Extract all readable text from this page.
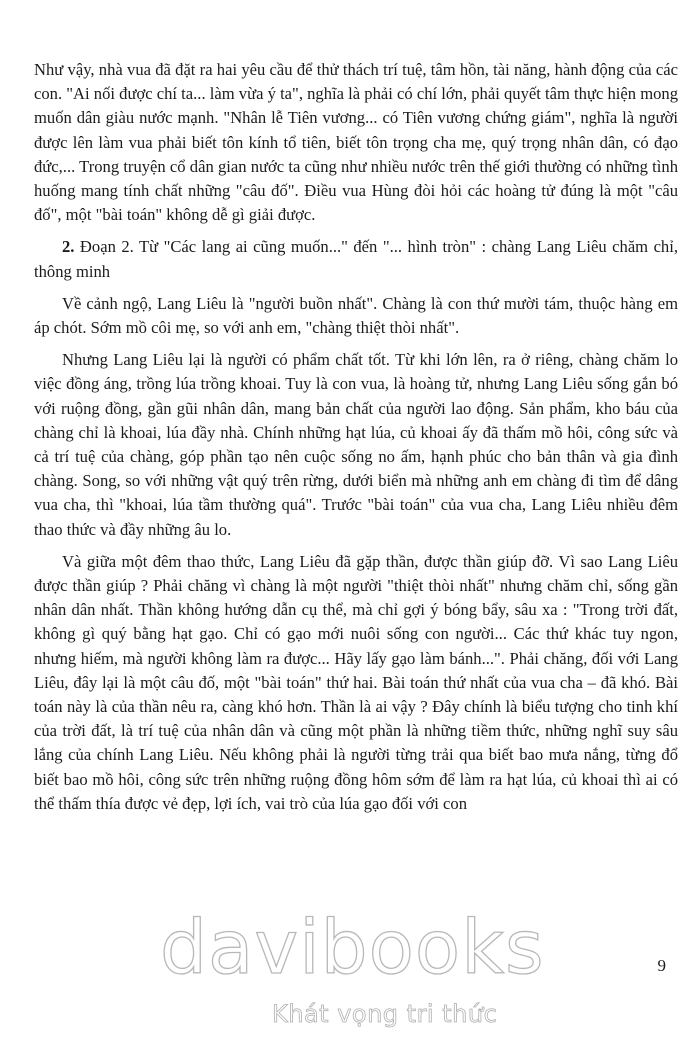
Như vậy, nhà vua đã đặt ra hai yêu cầu để thử thách trí tuệ, tâm hồn, tài năng, hành động của các con. "Ai nối được chí ta... làm vừa ý ta", nghĩa là phải có chí lớn, phải quyết tâm thực hiện mong muốn dân giàu nước mạnh. "Nhân lễ Tiên vương... có Tiên vương chứng giám", nghĩa là người được lên làm vua phải biết tôn kính tổ tiên, biết tôn trọng cha mẹ, quý trọng nhân dân, có đạo đức,... Trong truyện cổ dân gian nước ta cũng như nhiều nước trên thế giới thường có những tình huống mang tính chất những "câu đố". Điều vua Hùng đòi hỏi các hoàng tử đúng là một "câu đố", một "bài toán" không dễ gì giải được.

2. Đoạn 2. Từ "Các lang ai cũng muốn..." đến "... hình tròn" : chàng Lang Liêu chăm chỉ, thông minh

Về cảnh ngộ, Lang Liêu là "người buồn nhất". Chàng là con thứ mười tám, thuộc hàng em áp chót. Sớm mồ côi mẹ, so với anh em, "chàng thiệt thòi nhất".

Nhưng Lang Liêu lại là người có phẩm chất tốt. Từ khi lớn lên, ra ở riêng, chàng chăm lo việc đồng áng, trồng lúa trồng khoai. Tuy là con vua, là hoàng tử, nhưng Lang Liêu sống gắn bó với ruộng đồng, gần gũi nhân dân, mang bản chất của người lao động. Sản phẩm, kho báu của chàng chỉ là khoai, lúa đầy nhà. Chính những hạt lúa, củ khoai ấy đã thấm mồ hôi, công sức và cả trí tuệ của chàng, góp phần tạo nên cuộc sống no ấm, hạnh phúc cho bản thân và gia đình chàng. Song, so với những vật quý trên rừng, dưới biển mà những anh em chàng đi tìm để dâng vua cha, thì "khoai, lúa tầm thường quá". Trước "bài toán" của vua cha, Lang Liêu nhiều đêm thao thức và đầy những âu lo.

Và giữa một đêm thao thức, Lang Liêu đã gặp thần, được thần giúp đỡ. Vì sao Lang Liêu được thần giúp ? Phải chăng vì chàng là một người "thiệt thòi nhất" nhưng chăm chỉ, sống gần nhân dân nhất. Thần không hướng dẫn cụ thể, mà chỉ gợi ý bóng bẩy, sâu xa : "Trong trời đất, không gì quý bằng hạt gạo. Chỉ có gạo mới nuôi sống con người... Các thứ khác tuy ngon, nhưng hiếm, mà người không làm ra được... Hãy lấy gạo làm bánh...". Phải chăng, đối với Lang Liêu, đây lại là một câu đố, một "bài toán" thứ hai. Bài toán thứ nhất của vua cha – đã khó. Bài toán này là của thần nêu ra, càng khó hơn. Thần là ai vậy ? Đây chính là biểu tượng cho tinh khí của trời đất, là trí tuệ của nhân dân và cũng một phần là những tiềm thức, những nghĩ suy sâu lắng của chính Lang Liêu. Nếu không phải là người từng trải qua biết bao mưa nắng, từng đổ biết bao mồ hôi, công sức trên những ruộng đồng hôm sớm để làm ra hạt lúa, củ khoai thì ai có thể thấm thía được vẻ đẹp, lợi ích, vai trò của lúa gạo đối với con

9
davibooks
Khát vọng tri thức
